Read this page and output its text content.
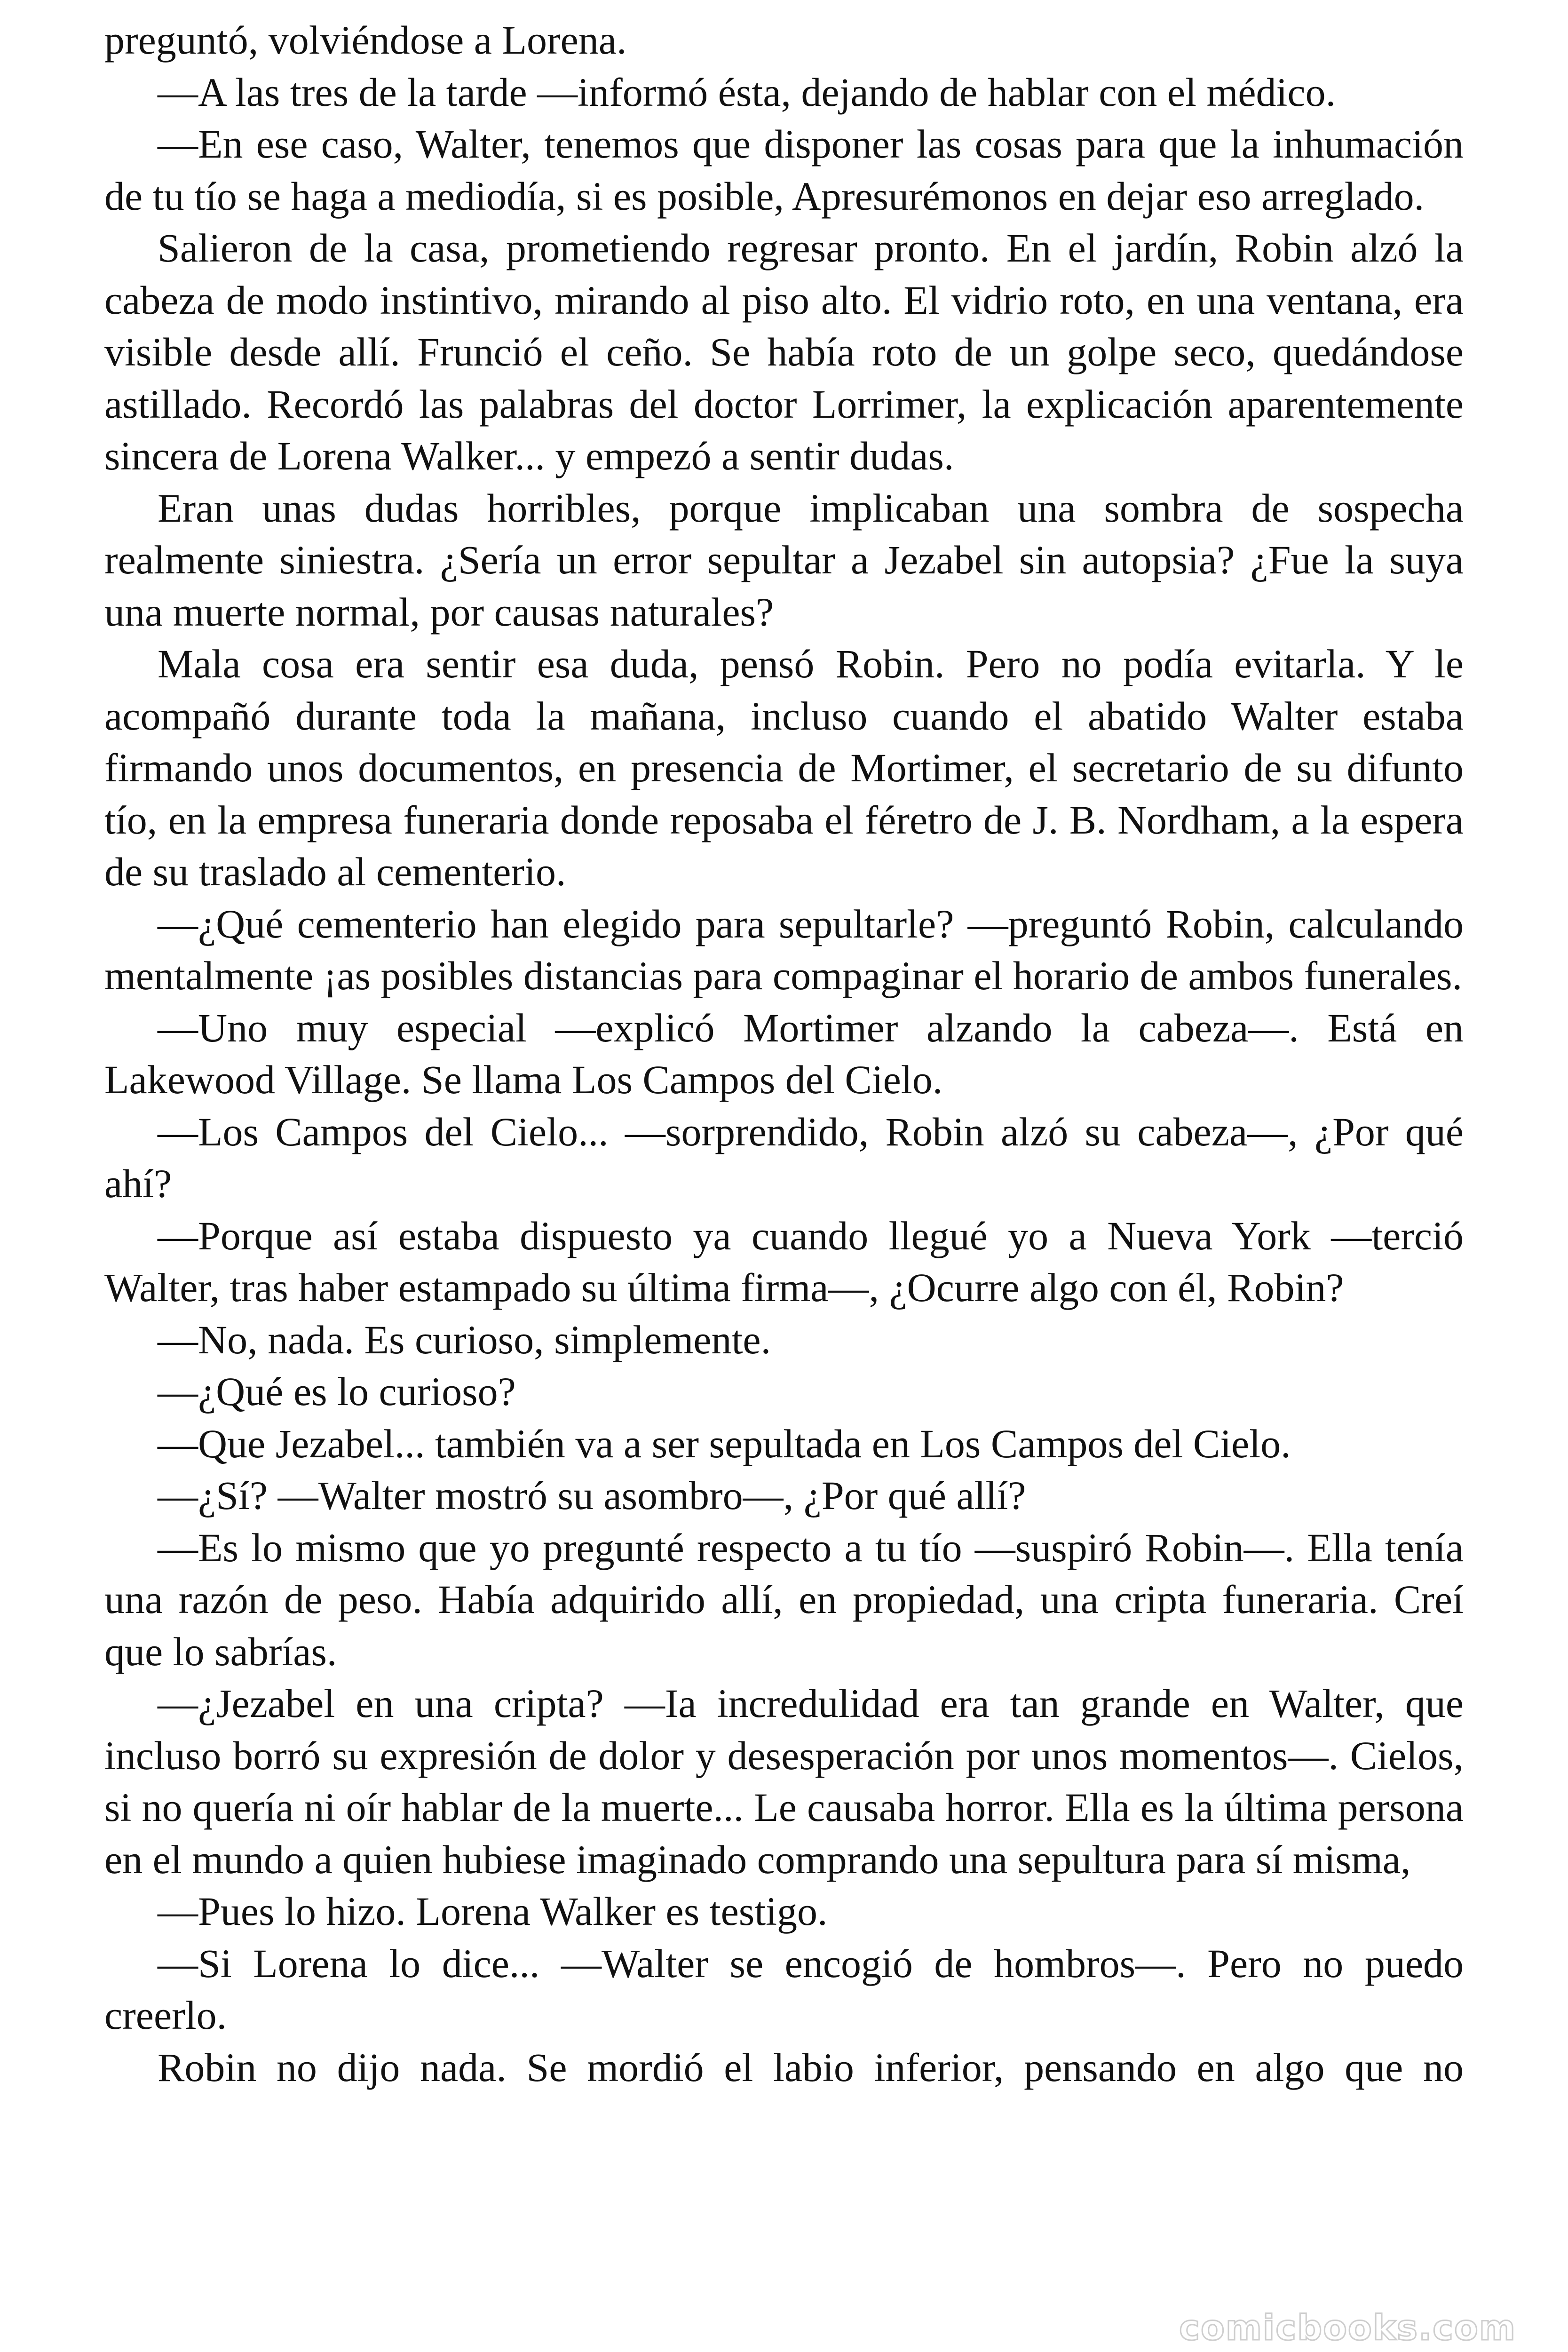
preguntó, volviéndose a Lorena.

—A las tres de la tarde —informó ésta, dejando de hablar con el médico.

—En ese caso, Walter, tenemos que disponer las cosas para que la inhumación de tu tío se haga a mediodía, si es posible, Apresurémonos en dejar eso arreglado.

Salieron de la casa, prometiendo regresar pronto. En el jardín, Robin alzó la cabeza de modo instintivo, mirando al piso alto. El vidrio roto, en una ventana, era visible desde allí. Frunció el ceño. Se había roto de un golpe seco, quedándose astillado. Recordó las palabras del doctor Lorrimer, la explicación aparentemente sincera de Lorena Walker... y empezó a sentir dudas.

Eran unas dudas horribles, porque implicaban una sombra de sospecha realmente siniestra. ¿Sería un error sepultar a Jezabel sin autopsia? ¿Fue la suya una muerte normal, por causas naturales?

Mala cosa era sentir esa duda, pensó Robin. Pero no podía evitarla. Y le acompañó durante toda la mañana, incluso cuando el abatido Walter estaba firmando unos documentos, en presencia de Mortimer, el secretario de su difunto tío, en la empresa funeraria donde reposaba el féretro de J. B. Nordham, a la espera de su traslado al cementerio.

—¿Qué cementerio han elegido para sepultarle? —preguntó Robin, calculando mentalmente ¡as posibles distancias para compaginar el horario de ambos funerales.

—Uno muy especial —explicó Mortimer alzando la cabeza—. Está en Lakewood Village. Se llama Los Campos del Cielo.

—Los Campos del Cielo... —sorprendido, Robin alzó su cabeza—, ¿Por qué ahí?

—Porque así estaba dispuesto ya cuando llegué yo a Nueva York —terció Walter, tras haber estampado su última firma—, ¿Ocurre algo con él, Robin?

—No, nada. Es curioso, simplemente.

—¿Qué es lo curioso?

—Que Jezabel... también va a ser sepultada en Los Campos del Cielo.

—¿Sí? —Walter mostró su asombro—, ¿Por qué allí?

—Es lo mismo que yo pregunté respecto a tu tío —suspiró Robin—. Ella tenía una razón de peso. Había adquirido allí, en propiedad, una cripta funeraria. Creí que lo sabrías.

—¿Jezabel en una cripta? —Ia incredulidad era tan grande en Walter, que incluso borró su expresión de dolor y desesperación por unos momentos—. Cielos, si no quería ni oír hablar de la muerte... Le causaba horror. Ella es la última persona en el mundo a quien hubiese imaginado comprando una sepultura para sí misma,

—Pues lo hizo. Lorena Walker es testigo.

—Si Lorena lo dice... —Walter se encogió de hombros—. Pero no puedo creerlo.

Robin no dijo nada. Se mordió el labio inferior, pensando en algo que no

comicbooks.com
